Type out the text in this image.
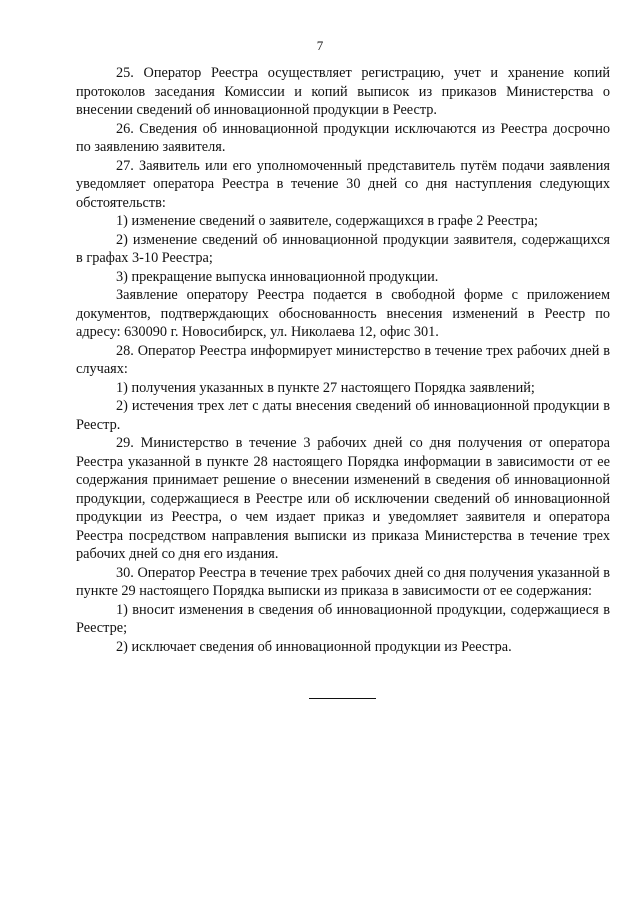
7

25. Оператор Реестра осуществляет регистрацию, учет и хранение копий протоколов заседания Комиссии и копий выписок из приказов Министерства о внесении сведений об инновационной продукции в Реестр.

26. Сведения об инновационной продукции исключаются из Реестра досрочно по заявлению заявителя.

27. Заявитель или его уполномоченный представитель путём подачи заявления уведомляет оператора Реестра в течение 30 дней со дня наступления следующих обстоятельств:

1) изменение сведений о заявителе, содержащихся в графе 2 Реестра;

2) изменение сведений об инновационной продукции заявителя, содержащихся в графах 3-10 Реестра;

3) прекращение выпуска инновационной продукции.

Заявление оператору Реестра подается в свободной форме с приложением документов, подтверждающих обоснованность внесения изменений в Реестр по адресу: 630090 г. Новосибирск, ул. Николаева 12, офис 301.

28. Оператор Реестра информирует министерство в течение трех рабочих дней в случаях:

1) получения указанных в пункте 27 настоящего Порядка заявлений;

2) истечения трех лет с даты внесения сведений об инновационной продукции в Реестр.

29. Министерство в течение 3 рабочих дней со дня получения от оператора Реестра указанной в пункте 28 настоящего Порядка информации в зависимости от ее содержания принимает решение о внесении изменений в сведения об инновационной продукции, содержащиеся в Реестре или об исключении сведений об инновационной продукции из Реестра, о чем издает приказ и уведомляет заявителя и оператора Реестра посредством направления выписки из приказа Министерства в течение трех рабочих дней со дня его издания.

30. Оператор Реестра в течение трех рабочих дней со дня получения указанной в пункте 29 настоящего Порядка выписки из приказа в зависимости от ее содержания:

1) вносит изменения в сведения об инновационной продукции, содержащиеся в Реестре;

2) исключает сведения об инновационной продукции из Реестра.
